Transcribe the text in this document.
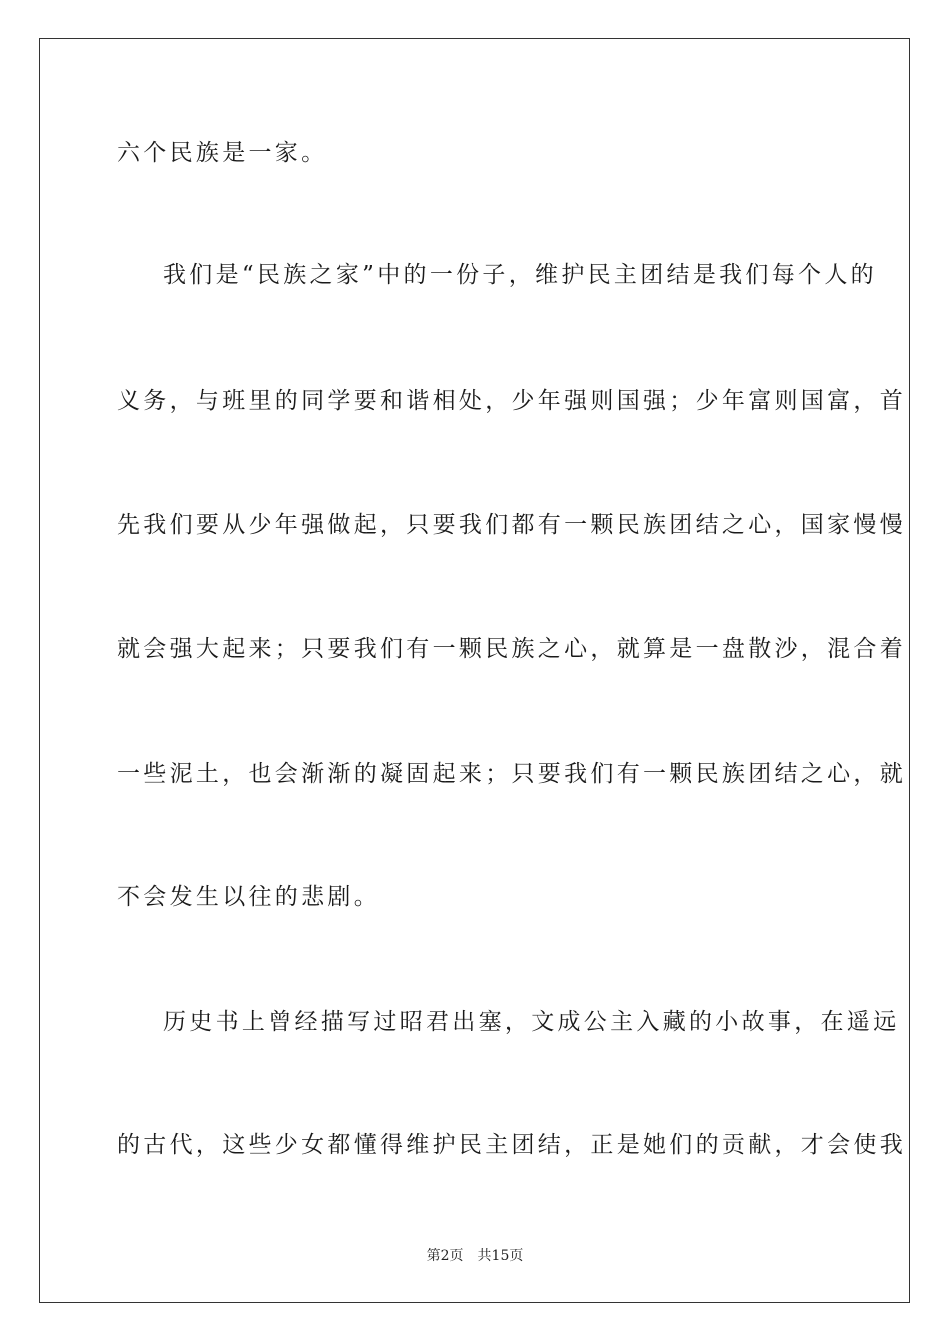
六个民族是一家。
我们是“民族之家”中的一份子，维护民主团结是我们每个人的
义务，与班里的同学要和谐相处，少年强则国强；少年富则国富，首
先我们要从少年强做起，只要我们都有一颗民族团结之心，国家慢慢
就会强大起来；只要我们有一颗民族之心，就算是一盘散沙，混合着
一些泥土，也会渐渐的凝固起来；只要我们有一颗民族团结之心，就
不会发生以往的悲剧。
历史书上曾经描写过昭君出塞，文成公主入藏的小故事，在遥远
的古代，这些少女都懂得维护民主团结，正是她们的贡献，才会使我
第2页 共15页
